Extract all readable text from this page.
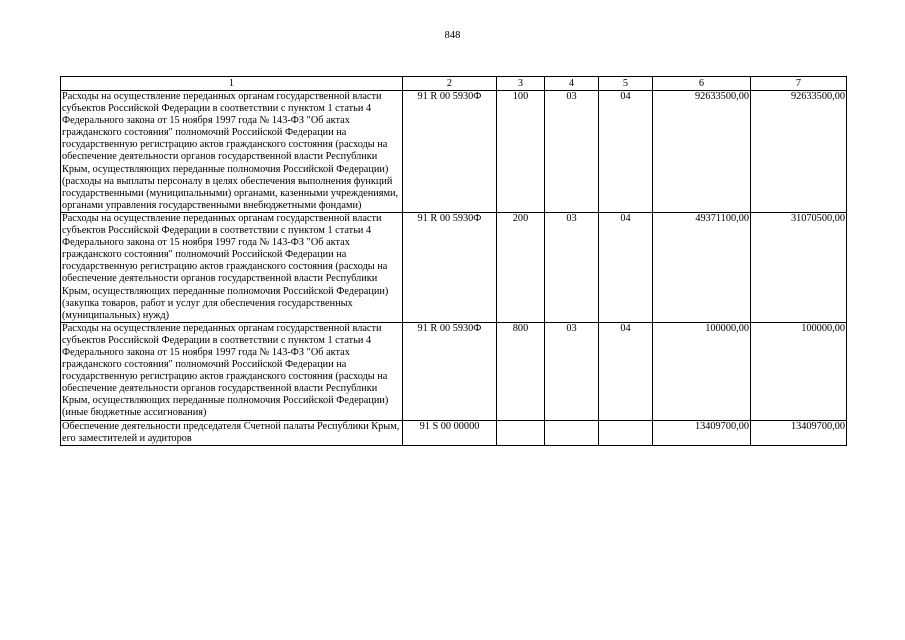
848
1	2	3	4	5	6	7
Расходы на осуществление переданных органам государственной власти субъектов Российской Федерации в соответствии с пунктом 1 статьи 4 Федерального закона от 15 ноября 1997 года № 143-ФЗ "Об актах гражданского состояния" полномочий Российской Федерации на государственную регистрацию актов гражданского состояния (расходы на обеспечение деятельности органов государственной власти Республики Крым, осуществляющих переданные полномочия Российской Федерации) (расходы на выплаты персоналу в целях обеспечения выполнения функций государственными (муниципальными) органами, казенными учреждениями, органами управления государственными внебюджетными фондами)	91 R 00 5930Ф	100	03	04	92633500,00	92633500,00
Расходы на осуществление переданных органам государственной власти субъектов Российской Федерации в соответствии с пунктом 1 статьи 4 Федерального закона от 15 ноября 1997 года № 143-ФЗ "Об актах гражданского состояния" полномочий Российской Федерации на государственную регистрацию актов гражданского состояния (расходы на обеспечение деятельности органов государственной власти Республики Крым, осуществляющих переданные полномочия Российской Федерации) (закупка товаров, работ и услуг для обеспечения государственных (муниципальных) нужд)	91 R 00 5930Ф	200	03	04	49371100,00	31070500,00
Расходы на осуществление переданных органам государственной власти субъектов Российской Федерации в соответствии с пунктом 1 статьи 4 Федерального закона от 15 ноября 1997 года № 143-ФЗ "Об актах гражданского состояния" полномочий Российской Федерации на государственную регистрацию актов гражданского состояния (расходы на обеспечение деятельности органов государственной власти Республики Крым, осуществляющих переданные полномочия Российской Федерации) (иные бюджетные ассигнования)	91 R 00 5930Ф	800	03	04	100000,00	100000,00
Обеспечение деятельности председателя Счетной палаты Республики Крым, его заместителей и аудиторов	91 S 00 00000				13409700,00	13409700,00
